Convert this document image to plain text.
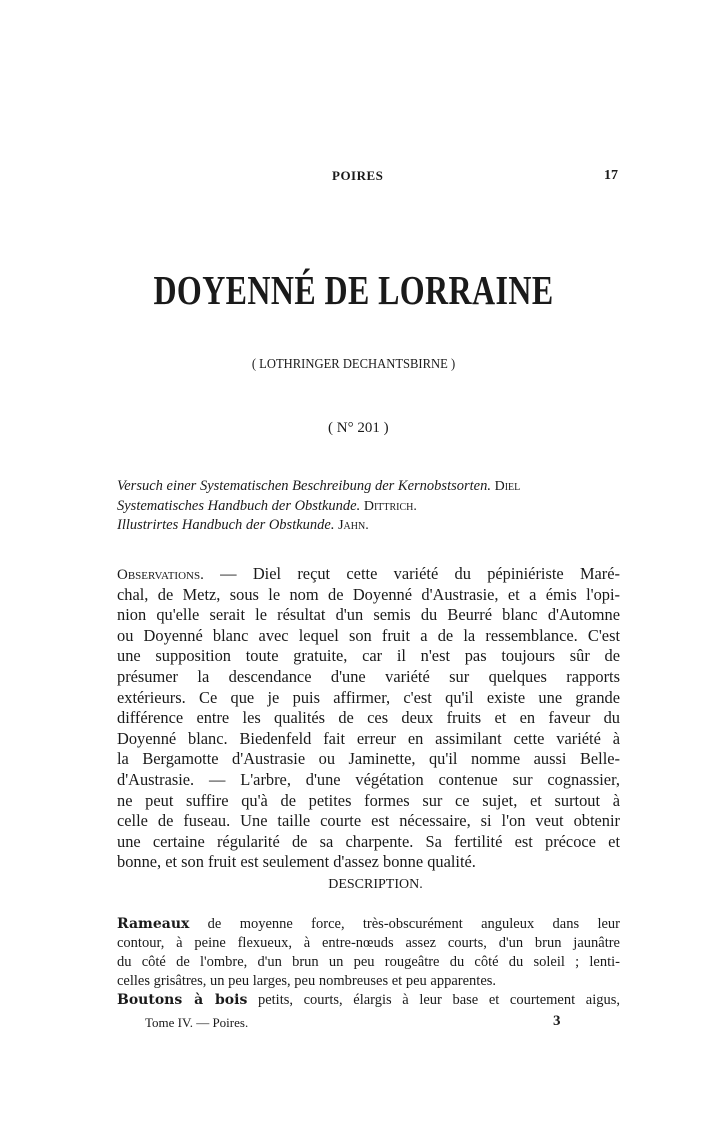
POIRES	17
DOYENNÉ DE LORRAINE
( LOTHRINGER DECHANTSBIRNE )
( N° 201 )
Versuch einer Systematischen Beschreibung der Kernobstsorten. Diel
Systematisches Handbuch der Obstkunde. Dittrich.
Illustrirtes Handbuch der Obstkunde. Jahn.
Observations. — Diel reçut cette variété du pépiniériste Maré-
chal, de Metz, sous le nom de Doyenné d'Austrasie, et a émis l'opi-
nion qu'elle serait le résultat d'un semis du Beurré blanc d'Automne
ou Doyenné blanc avec lequel son fruit a de la ressemblance. C'est
une supposition toute gratuite, car il n'est pas toujours sûr de
présumer la descendance d'une variété sur quelques rapports
extérieurs. Ce que je puis affirmer, c'est qu'il existe une grande
différence entre les qualités de ces deux fruits et en faveur du
Doyenné blanc. Biedenfeld fait erreur en assimilant cette variété à
la Bergamotte d'Austrasie ou Jaminette, qu'il nomme aussi Belle-
d'Austrasie. — L'arbre, d'une végétation contenue sur cognassier,
ne peut suffire qu'à de petites formes sur ce sujet, et surtout à
celle de fuseau. Une taille courte est nécessaire, si l'on veut obtenir
une certaine régularité de sa charpente. Sa fertilité est précoce et
bonne, et son fruit est seulement d'assez bonne qualité.
DESCRIPTION.
Rameaux de moyenne force, très-obscurément anguleux dans leur
contour, à peine flexueux, à entre-nœuds assez courts, d'un brun jaunâtre
du côté de l'ombre, d'un brun un peu rougeâtre du côté du soleil ; lenti-
celles grisâtres, un peu larges, peu nombreuses et peu apparentes.
Boutons à bois petits, courts, élargis à leur base et courtement aigus,
Tome IV. — Poires.	3
